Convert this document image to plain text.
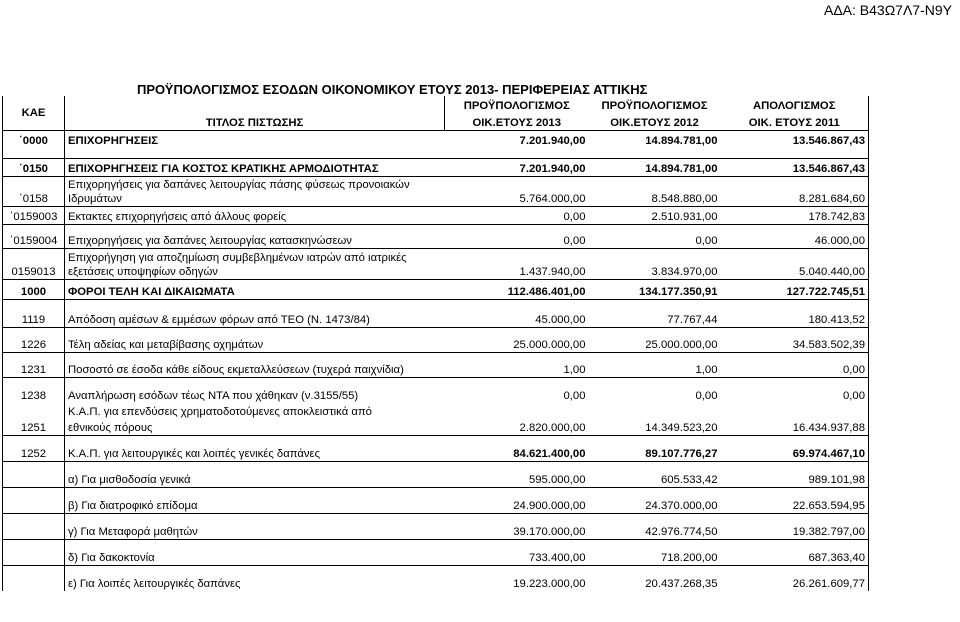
ΑΔΑ: Β43Ω7Λ7-Ν9Υ
ΠΡΟΫΠΟΛΟΓΙΣΜΟΣ ΕΣΟΔΩΝ ΟΙΚΟΝΟΜΙΚΟΥ ΕΤΟΥΣ 2013- ΠΕΡΙΦΕΡΕΙΑΣ ΑΤΤΙΚΗΣ
ΚΑΕ		ΠΡΟΫΠΟΛΟΓΙΣΜΟΣ	ΠΡΟΫΠΟΛΟΓΙΣΜΟΣ	ΑΠΟΛΟΓΙΣΜΟΣ
	ΤΙΤΛΟΣ ΠΙΣΤΩΣΗΣ	ΟΙΚ.ΕΤΟΥΣ 2013	ΟΙΚ.ΕΤΟΥΣ 2012	ΟΙΚ. ΕΤΟΥΣ 2011
΄0000	ΕΠΙΧΟΡΗΓΗΣΕΙΣ	7.201.940,00	14.894.781,00	13.546.867,43

΄0150	ΕΠΙΧΟΡΗΓΗΣΕΙΣ ΓΙΑ ΚΟΣΤΟΣ ΚΡΑΤΙΚΗΣ ΑΡΜΟΔΙΟΤΗΤΑΣ	7.201.940,00	14.894.781,00	13.546.867,43
΄0158	Επιχορηγήσεις για δαπάνες λειτουργίας πάσης φύσεως προνοιακών			
	Ιδρυμάτων	5.764.000,00	8.548.880,00	8.281.684,60
΄0159003	Εκτακτες επιχορηγήσεις από άλλους φορείς	0,00	2.510.931,00	178.742,83
΄0159004	Επιχορηγήσεις για δαπάνες λειτουργίας κατασκηνώσεων	0,00	0,00	46.000,00
0159013	Επιχορήγηση για αποζημίωση συμβεβλημένων ιατρών από ιατρικές			
	εξετάσεις υποψηφίων οδηγών	1.437.940,00	3.834.970,00	5.040.440,00
1000	ΦΟΡΟΙ ΤΕΛΗ ΚΑΙ ΔΙΚΑΙΩΜΑΤΑ	112.486.401,00	134.177.350,91	127.722.745,51

1119	Απόδοση αμέσων & εμμέσων φόρων από ΤΕΟ (Ν. 1473/84)	45.000,00	77.767,44	180.413,52
1226	Τέλη αδείας και μεταβίβασης οχημάτων	25.000.000,00	25.000.000,00	34.583.502,39
1231	Ποσοστό σε έσοδα κάθε είδους εκμεταλλεύσεων (τυχερά παιχνίδια)	1,00	1,00	0,00
1238	Αναπλήρωση εσόδων τέως ΝΤΑ που χάθηκαν (ν.3155/55)	0,00	0,00	0,00
1251	Κ.Α.Π. για επενδύσεις χρηματοδοτούμενες αποκλειστικά από			
	εθνικούς πόρους	2.820.000,00	14.349.523,20	16.434.937,88
1252	Κ.Α.Π. για λειτουργικές και λοιπές γενικές δαπάνες	84.621.400,00	89.107.776,27	69.974.467,10
	α) Για μισθοδοσία γενικά	595.000,00	605.533,42	989.101,98
	β) Για διατροφικό επίδομα	24.900.000,00	24.370.000,00	22.653.594,95
	γ) Για Μεταφορά μαθητών	39.170.000,00	42.976.774,50	19.382.797,00
	δ) Για δακοκτονία	733.400,00	718.200,00	687.363,40
	ε) Για λοιπές λειτουργικές δαπάνες	19.223.000,00	20.437.268,35	26.261.609,77
